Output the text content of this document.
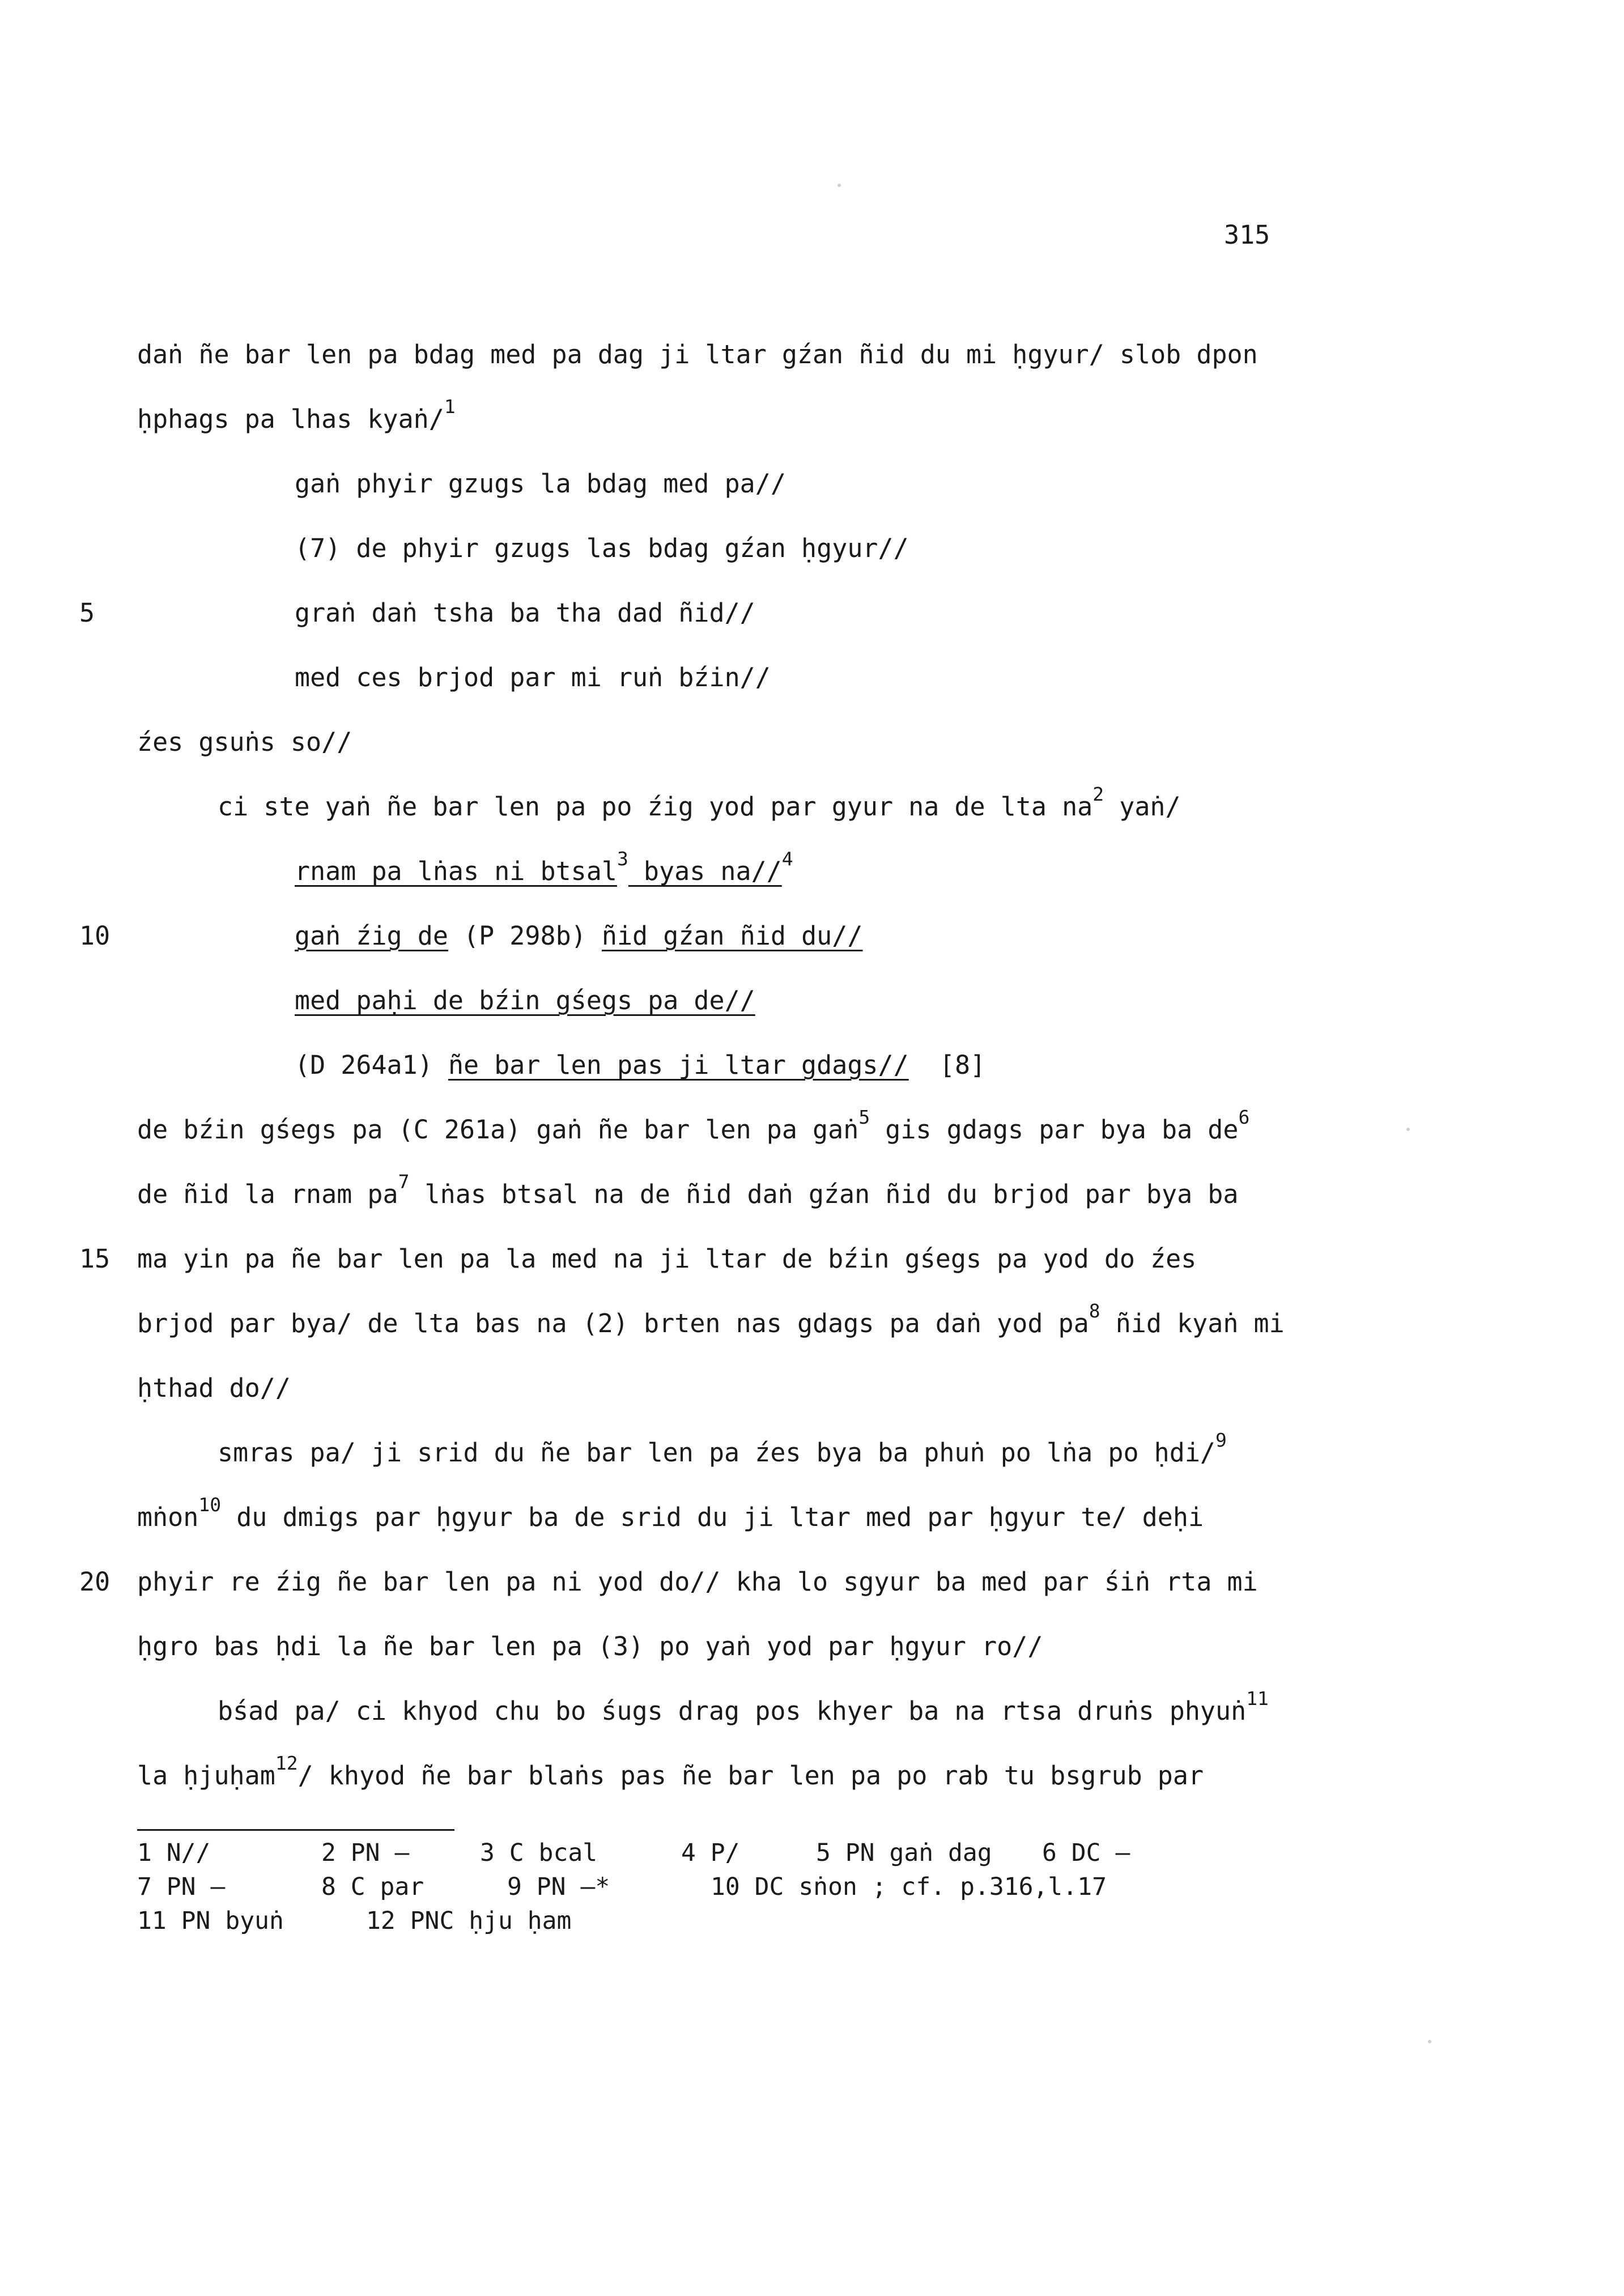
315
daṅ ñe bar len pa bdag med pa dag ji ltar gźan ñid du mi ḥgyur/ slob dpon
ḥphags pa lhas kyaṅ/$^1$
gaṅ phyir gzugs la bdag med pa//
(7) de phyir gzugs las bdag gźan ḥgyur//
graṅ daṅ tsha ba tha dad ñid//
5
med ces brjod par mi ruṅ bźin//
źes gsuṅs so//
ci ste yaṅ ñe bar len pa po źig yod par gyur na de lta $na^2$ yaṅ/
rnam pa lṅas ni btsal$^3$ byas na//$^4$
gaṅ źig de (P 298b) ñid gźan ñid du//
10
med paḥi de bźin gśegs pa de//
(D 264a1) ñe bar len pas ji ltar gdags//  [8]
de bźin gśegs pa (C 261a) gaṅ ñe bar len pa gaṅ$^5$ gis gdags par bya ba $de^6$
de ñid la rnam $pa^7$ lṅas btsal na de ñid daṅ gźan ñid du brjod par bya ba
ma yin pa ñe bar len pa la med na ji ltar de bźin gśegs pa yod do źes
15
brjod par bya/ de lta bas na (2) brten nas gdags pa daṅ yod $pa^8$ ñid kyaṅ mi
ḥthad do//
smras pa/ ji srid du ñe bar len pa źes bya ba phuṅ po lṅa po ḥdi/$^9$
mṅon$^{10}$ du dmigs par ḥgyur ba de srid du ji ltar med par ḥgyur te/ deḥi
phyir re źig ñe bar len pa ni yod do// kha lo sgyur ba med par śiṅ rta mi
20
ḥgro bas ḥdi la ñe bar len pa (3) po yaṅ yod par ḥgyur ro//
bśad pa/ ci khyod chu bo śugs drag pos khyer ba na rtsa druṅs phyuṅ$^{11}$
la ḥjuḥam$^{12}$/ khyod ñe bar blaṅs pas ñe bar len pa po rab tu bsgrub par
1 N//	2 PN —	3 C bcal	4 P/	5 PN gaṅ dag 6 DC —
7 PN —	8 C par	9 PN —*	10 DC sṅon ; cf. p.316,l.17
11 PN byuṅ	12 PNC ḥju ḥam
